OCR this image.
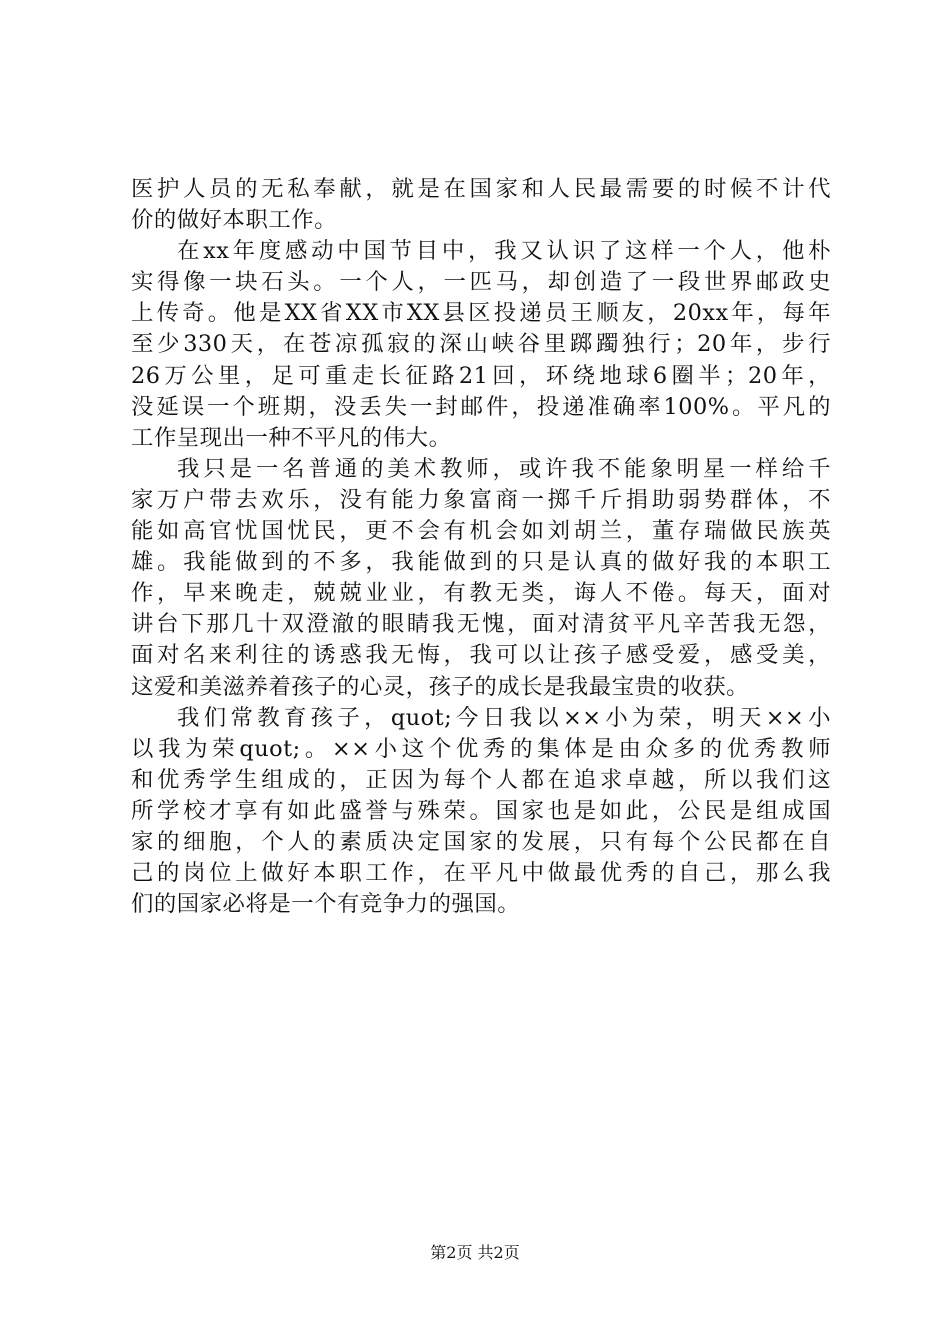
医护人员的无私奉献，就是在国家和人民最需要的时候不计代
价的做好本职工作。
在xx年度感动中国节目中，我又认识了这样一个人，他朴
实得像一块石头。一个人，一匹马，却创造了一段世界邮政史
上传奇。他是XX省XX市XX县区投递员王顺友，20xx年，每年
至少330天，在苍凉孤寂的深山峡谷里踯躅独行；20年，步行
26万公里，足可重走长征路21回，环绕地球6圈半；20年，
没延误一个班期，没丢失一封邮件，投递准确率100%。平凡的
工作呈现出一种不平凡的伟大。
我只是一名普通的美术教师，或许我不能象明星一样给千
家万户带去欢乐，没有能力象富商一掷千斤捐助弱势群体，不
能如高官忧国忧民，更不会有机会如刘胡兰，董存瑞做民族英
雄。我能做到的不多，我能做到的只是认真的做好我的本职工
作，早来晚走，兢兢业业，有教无类，诲人不倦。每天，面对
讲台下那几十双澄澈的眼睛我无愧，面对清贫平凡辛苦我无怨，
面对名来利往的诱惑我无悔，我可以让孩子感受爱，感受美，
这爱和美滋养着孩子的心灵，孩子的成长是我最宝贵的收获。
我们常教育孩子，quot;今日我以××小为荣，明天××小
以我为荣quot;。××小这个优秀的集体是由众多的优秀教师
和优秀学生组成的，正因为每个人都在追求卓越，所以我们这
所学校才享有如此盛誉与殊荣。国家也是如此，公民是组成国
家的细胞，个人的素质决定国家的发展，只有每个公民都在自
己的岗位上做好本职工作，在平凡中做最优秀的自己，那么我
们的国家必将是一个有竞争力的强国。
第2页 共2页
